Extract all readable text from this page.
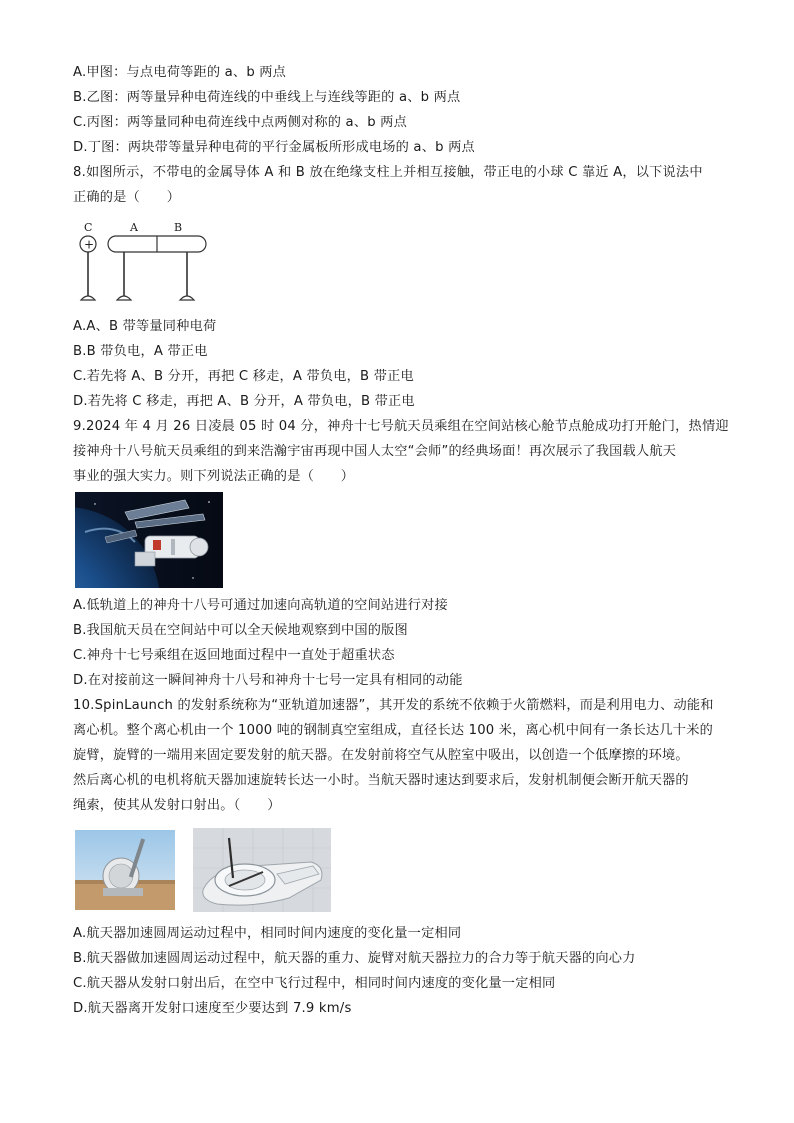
A.甲图：与点电荷等距的 a、b 两点
B.乙图：两等量异种电荷连线的中垂线上与连线等距的 a、b 两点
C.丙图：两等量同种电荷连线中点两侧对称的 a、b 两点
D.丁图：两块带等量异种电荷的平行金属板所形成电场的 a、b 两点
8.如图所示，不带电的金属导体 A 和 B 放在绝缘支柱上并相互接触，带正电的小球 C 靠近 A，以下说法中
正确的是（　　）
C	A	B
+
A.A、B 带等量同种电荷
B.B 带负电，A 带正电
C.若先将 A、B 分开，再把 C 移走，A 带负电，B 带正电
D.若先将 C 移走，再把 A、B 分开，A 带负电，B 带正电
9.2024 年 4 月 26 日凌晨 05 时 04 分，神舟十七号航天员乘组在空间站核心舱节点舱成功打开舱门，热情迎
接神舟十八号航天员乘组的到来浩瀚宇宙再现中国人太空“会师”的经典场面！再次展示了我国载人航天
事业的强大实力。则下列说法正确的是（　　）
A.低轨道上的神舟十八号可通过加速向高轨道的空间站进行对接
B.我国航天员在空间站中可以全天候地观察到中国的版图
C.神舟十七号乘组在返回地面过程中一直处于超重状态
D.在对接前这一瞬间神舟十八号和神舟十七号一定具有相同的动能
10.SpinLaunch 的发射系统称为“亚轨道加速器”，其开发的系统不依赖于火箭燃料，而是利用电力、动能和
离心机。整个离心机由一个 1000 吨的钢制真空室组成，直径长达 100 米，离心机中间有一条长达几十米的
旋臂，旋臂的一端用来固定要发射的航天器。在发射前将空气从腔室中吸出，以创造一个低摩擦的环境。
然后离心机的电机将航天器加速旋转长达一小时。当航天器时速达到要求后，发射机制便会断开航天器的
绳索，使其从发射口射出。（　　）
A.航天器加速圆周运动过程中，相同时间内速度的变化量一定相同
B.航天器做加速圆周运动过程中，航天器的重力、旋臂对航天器拉力的合力等于航天器的向心力
C.航天器从发射口射出后，在空中飞行过程中，相同时间内速度的变化量一定相同
D.航天器离开发射口速度至少要达到 7.9 km/s
